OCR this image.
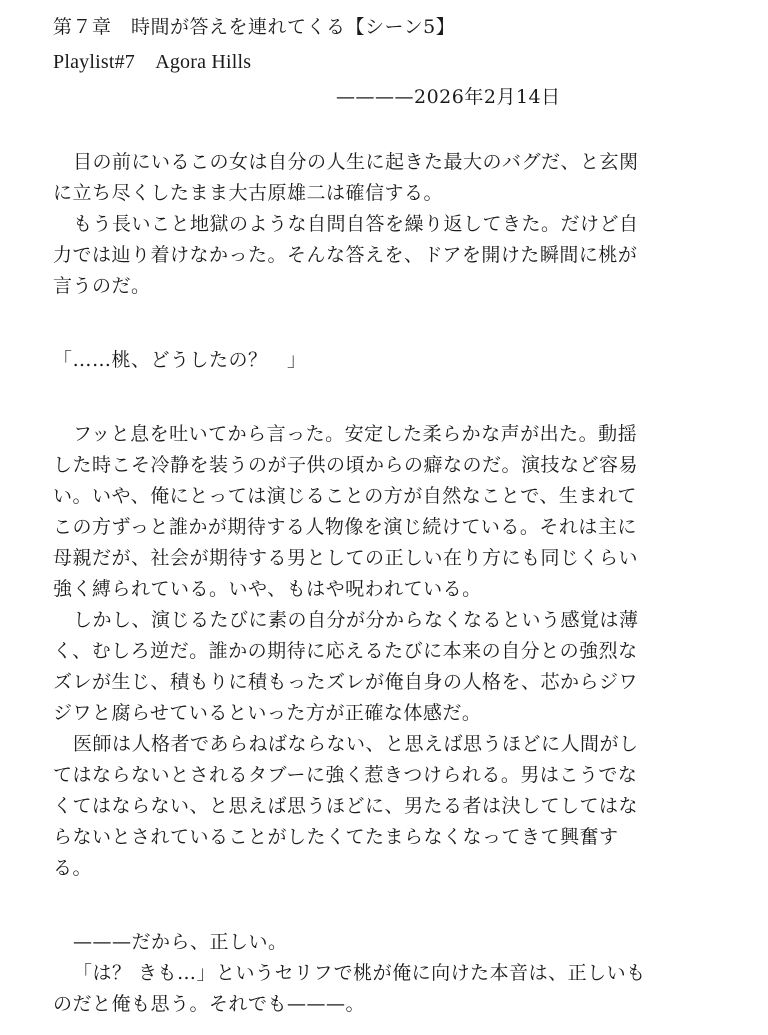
第７章　時間が答えを連れてくる【シーン5】
Playlist#7　Agora Hills
————2026年2月14日
目の前にいるこの女は自分の人生に起きた最大のバグだ、と玄関
に立ち尽くしたまま大古原雄二は確信する。
もう長いこと地獄のような自問自答を繰り返してきた。だけど自
力では辿り着けなかった。そんな答えを、ドアを開けた瞬間に桃が
言うのだ。
「……桃、どうしたの？　」
フッと息を吐いてから言った。安定した柔らかな声が出た。動揺
した時こそ冷静を装うのが子供の頃からの癖なのだ。演技など容易
い。いや、俺にとっては演じることの方が自然なことで、生まれて
この方ずっと誰かが期待する人物像を演じ続けている。それは主に
母親だが、社会が期待する男としての正しい在り方にも同じくらい
強く縛られている。いや、もはや呪われている。
しかし、演じるたびに素の自分が分からなくなるという感覚は薄
く、むしろ逆だ。誰かの期待に応えるたびに本来の自分との強烈な
ズレが生じ、積もりに積もったズレが俺自身の人格を、芯からジワ
ジワと腐らせているといった方が正確な体感だ。
医師は人格者であらねばならない、と思えば思うほどに人間がし
てはならないとされるタブーに強く惹きつけられる。男はこうでな
くてはならない、と思えば思うほどに、男たる者は決してしてはな
らないとされていることがしたくてたまらなくなってきて興奮す
る。
———だから、正しい。
「は？ きも…」というセリフで桃が俺に向けた本音は、正しいも
のだと俺も思う。それでも———。
